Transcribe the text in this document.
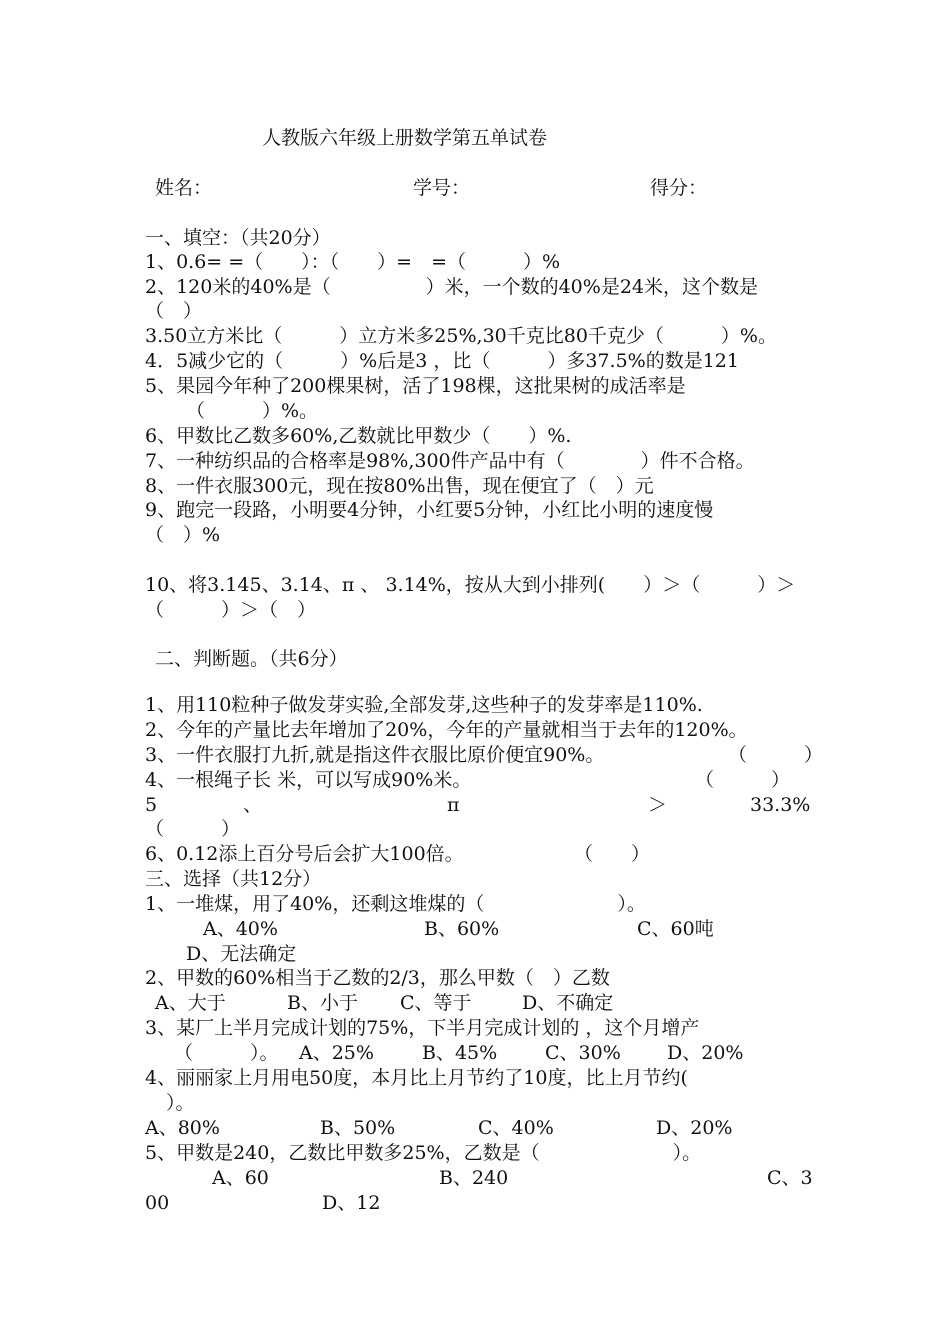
人教版六年级上册数学第五单试卷
姓名：	学号：	得分：
一、填空：（共20分）
1、0.6= =（　　）：（　　）=　=（　　　）%
2、120米的40%是（　　　　　）米，一个数的40%是24米，这个数是
（　）
3.50立方米比（　　　）立方米多25%,30千克比80千克少（　　　）%。
4．5减少它的（　　　）%后是3 ，比（　　　）多37.5%的数是121
5、果园今年种了200棵果树，活了198棵，这批果树的成活率是
（　　　）%。
6、甲数比乙数多60%,乙数就比甲数少（　　）%.
7、一种纺织品的合格率是98%,300件产品中有（　　　　）件不合格。
8、一件衣服300元，现在按80%出售，现在便宜了（　）元
9、跑完一段路，小明要4分钟，小红要5分钟，小红比小明的速度慢
（　）%
10、将3.145、3.14、π 、 3.14%，按从大到小排列(　　）＞（　　　）＞
（　　　）＞（　）
二、判断题。（共6分）
1、用110粒种子做发芽实验,全部发芽,这些种子的发芽率是110%.
2、今年的产量比去年增加了20%，今年的产量就相当于去年的120%。
3、一件衣服打九折,就是指这件衣服比原价便宜90%。	（　　　）
4、一根绳子长 米，可以写成90%米。	（　　　）
5	、	π	＞	33.3%
（　　　）
6、0.12添上百分号后会扩大100倍。	（　　）
三、选择（共12分）
1、一堆煤，用了40%，还剩这堆煤的（　　　　　　　）。
A、40%	B、60%	C、60吨
D、无法确定
2、甲数的60%相当于乙数的2/3，那么甲数（　）乙数
A、大于	B、小于 C、等于	D、不确定
3、某厂上半月完成计划的75%，下半月完成计划的 ，这个月增产
（　　　）。 A、25%	B、45%	C、30% D、20%
4、丽丽家上月用电50度，本月比上月节约了10度，比上月节约(
）。
A、80%	B、50%	C、40%	D、20%
5、甲数是240，乙数比甲数多25%，乙数是（　　　　　　　）。
A、60	B、240	C、3
00	D、12
